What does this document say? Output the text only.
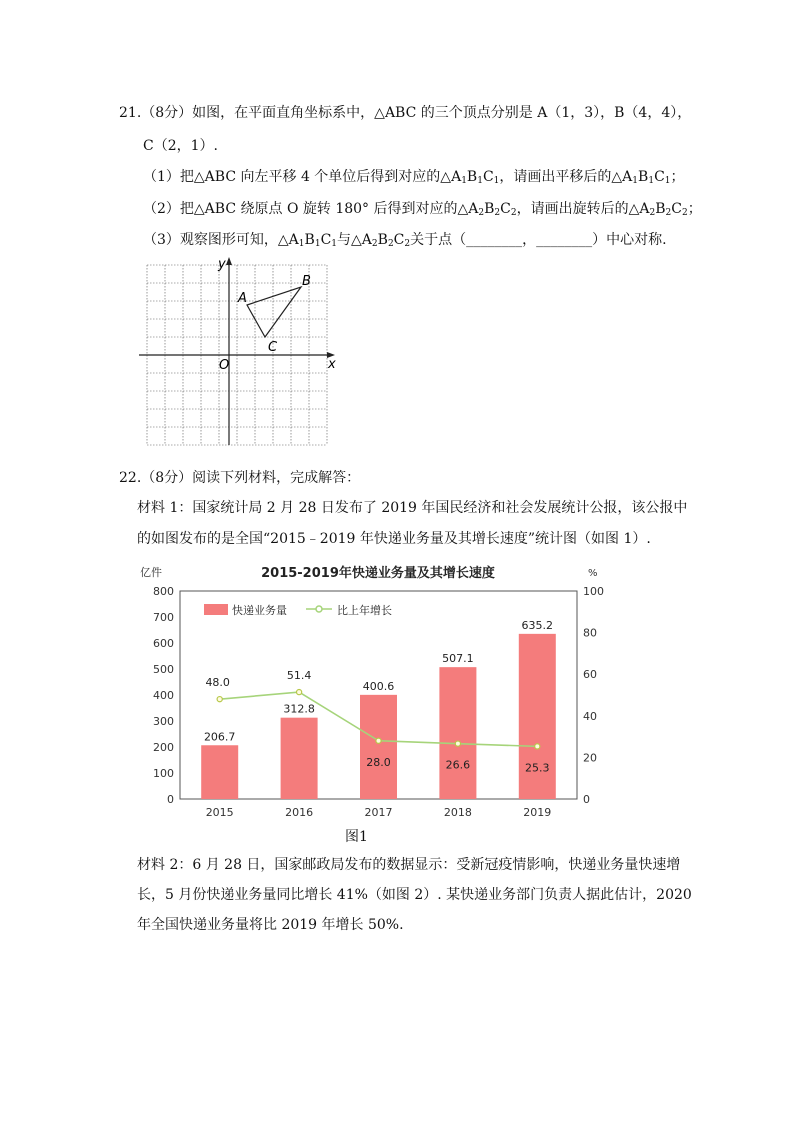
21.（8分）如图，在平面直角坐标系中，△ABC 的三个顶点分别是 A（1，3），B（4，4），
C（2，1）.
（1）把△ABC 向左平移 4 个单位后得到对应的$\triangle A_1B_1C_1$，请画出平移后的$\triangle A_1B_1C_1$；
（2）把△ABC 绕原点 O 旋转 180° 后得到对应的$\triangle A_2B_2C_2$，请画出旋转后的$\triangle A_2B_2C_2$；
（3）观察图形可知，$\triangle A_1B_1C_1$与$\triangle A_2B_2C_2$关于点（________，________）中心对称.
x
y
O
A
B
C
22.（8分）阅读下列材料，完成解答：
材料 1：国家统计局 2 月 28 日发布了 2019 年国民经济和社会发展统计公报，该公报中
的如图发布的是全国“2015﹣2019 年快递业务量及其增长速度”统计图（如图 1）.
2015-2019年快递业务量及其增长速度
亿件	%
0
100
200
300
400
500
600
700
800
0
20
40
60
80
100
206.7
312.8
400.6
507.1
635.2
48.0
51.4
28.0	26.6	25.3
2015	2016	2017	2018	2019
快递业务量	比上年增长
图1
材料 2：6 月 28 日，国家邮政局发布的数据显示：受新冠疫情影响，快递业务量快速增
长，5 月份快递业务量同比增长 41%（如图 2）. 某快递业务部门负责人据此估计，2020
年全国快递业务量将比 2019 年增长 50%.
